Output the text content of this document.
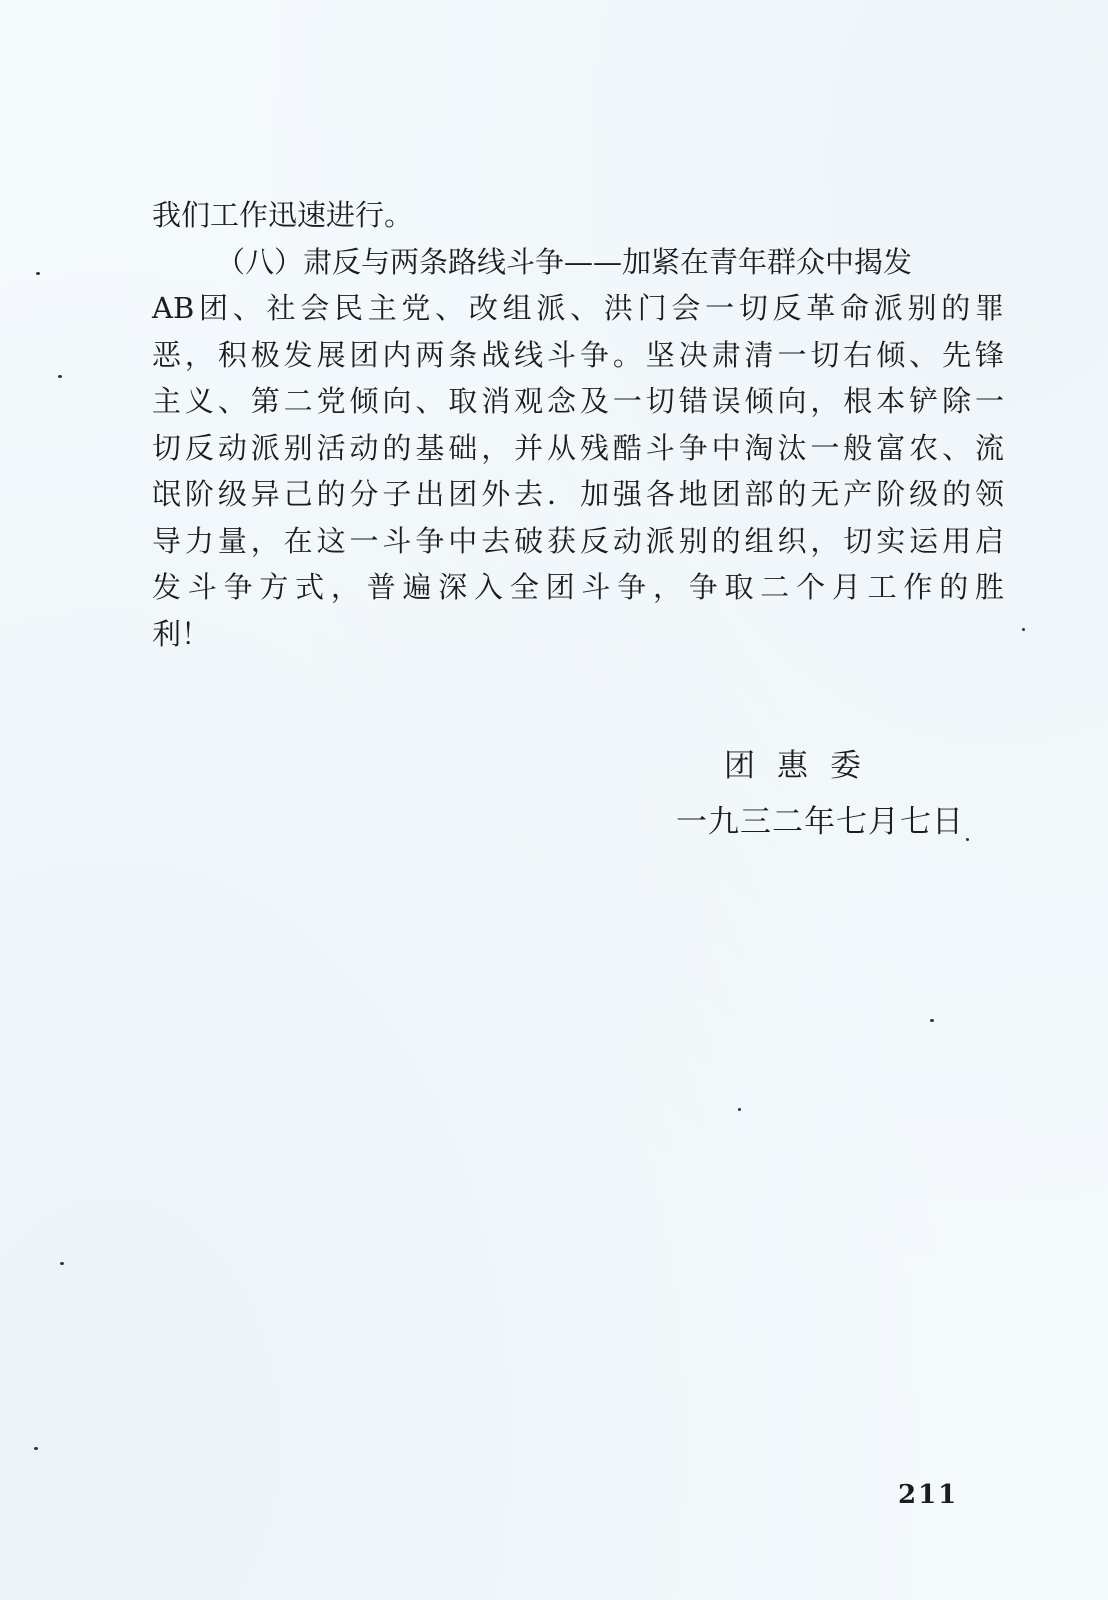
我们工作迅速进行。
（八）肃反与两条路线斗争——加紧在青年群众中揭发
AB团、社会民主党、改组派、洪门会一切反革命派别的罪
恶，积极发展团内两条战线斗争。坚决肃清一切右倾、先锋
主义、第二党倾向、取消观念及一切错误倾向，根本铲除一
切反动派别活动的基础，并从残酷斗争中淘汰一般富农、流
氓阶级异己的分子出团外去．加强各地团部的无产阶级的领
导力量，在这一斗争中去破获反动派别的组织，切实运用启
发斗争方式，普遍深入全团斗争，争取二个月工作的胜
利！
团惠委
一九三二年七月七日
211
